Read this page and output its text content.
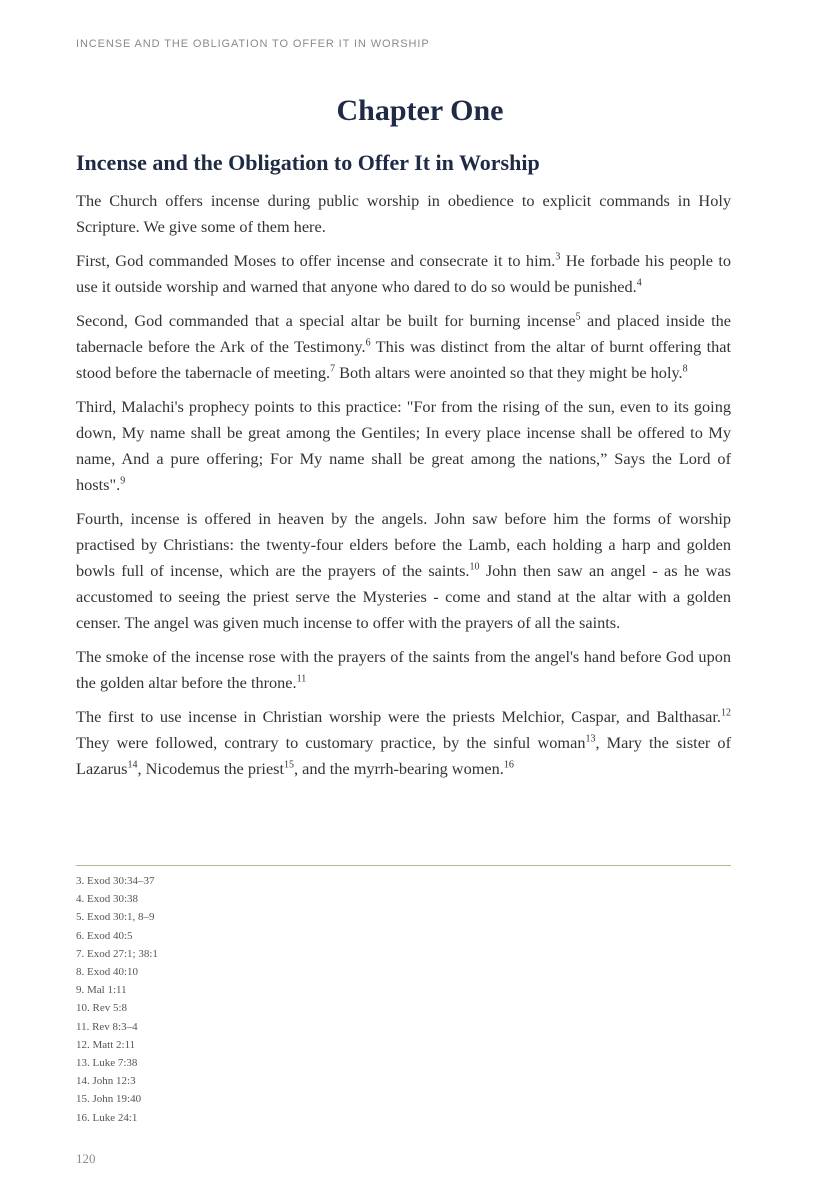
INCENSE AND THE OBLIGATION TO OFFER IT IN WORSHIP
Chapter One
Incense and the Obligation to Offer It in Worship

The Church offers incense during public worship in obedience to explicit commands in Holy Scripture. We give some of them here.

First, God commanded Moses to offer incense and consecrate it to him.$^3$ He forbade his people to use it outside worship and warned that anyone who dared to do so would be punished.$^4$

Second, God commanded that a special altar be built for burning incense$^5$ and placed inside the tabernacle before the Ark of the Testimony.$^6$ This was distinct from the altar of burnt offering that stood before the tabernacle of meeting.$^7$ Both altars were anointed so that they might be holy.$^8$

Third, Malachi's prophecy points to this practice: "For from the rising of the sun, even to its going down, My name shall be great among the Gentiles; In every place incense shall be offered to My name, And a pure offering; For My name shall be great among the nations,” Says the Lord of hosts".$^9$

Fourth, incense is offered in heaven by the angels. John saw before him the forms of worship practised by Christians: the twenty-four elders before the Lamb, each holding a harp and golden bowls full of incense, which are the prayers of the saints.$^{10}$ John then saw an angel - as he was accustomed to seeing the priest serve the Mysteries - come and stand at the altar with a golden censer. The angel was given much incense to offer with the prayers of all the saints.

The smoke of the incense rose with the prayers of the saints from the angel's hand before God upon the golden altar before the throne.$^{11}$

The first to use incense in Christian worship were the priests Melchior, Caspar, and Balthasar.$^{12}$ They were followed, contrary to customary practice, by the sinful woman$^{13}$, Mary the sister of Lazarus$^{14}$, Nicodemus the priest$^{15}$, and the myrrh-bearing women.$^{16}$

3. Exod 30:34–37
4. Exod 30:38
5. Exod 30:1, 8–9
6. Exod 40:5
7. Exod 27:1; 38:1
8. Exod 40:10
9. Mal 1:11
10. Rev 5:8
11. Rev 8:3–4
12. Matt 2:11
13. Luke 7:38
14. John 12:3
15. John 19:40
16. Luke 24:1
120
